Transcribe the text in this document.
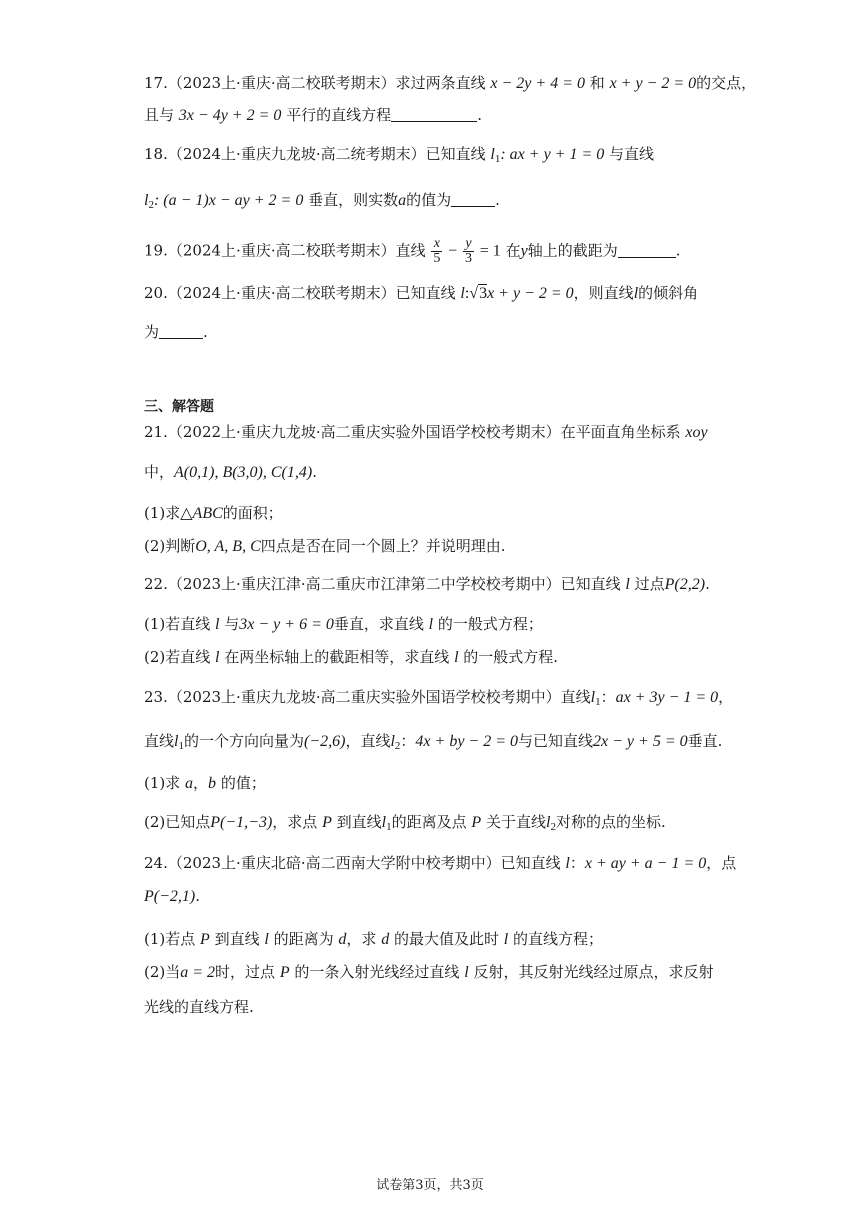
17.（2023上·重庆·高二校联考期末）求过两条直线 x − 2y + 4 = 0 和 x + y − 2 = 0的交点，
且与 3x − 4y + 2 = 0 平行的直线方程	.
18.（2024上·重庆九龙坡·高二统考期末）已知直线 $l_1$: ax + y + 1 = 0 与直线
$l_2$: (a − 1)x − ay + 2 = 0 垂直，则实数a的值为	.
19.（2024上·重庆·高二校联考期末）直线 $\frac{x}{5} - \frac{y}{3} = 1$ 在y轴上的截距为	.
20.（2024上·重庆·高二校联考期末）已知直线 l:√3x + y − 2 = 0，则直线l的倾斜角
为	.
三、解答题
21.（2022上·重庆九龙坡·高二重庆实验外国语学校校考期末）在平面直角坐标系 xoy
中，A(0,1), B(3,0), C(1,4).
(1)求△ABC的面积；
(2)判断O, A, B, C四点是否在同一个圆上？并说明理由.
22.（2023上·重庆江津·高二重庆市江津第二中学校校考期中）已知直线 l 过点P(2,2).
(1)若直线 l 与3x − y + 6 = 0垂直，求直线 l 的一般式方程；
(2)若直线 l 在两坐标轴上的截距相等，求直线 l 的一般式方程.
23.（2023上·重庆九龙坡·高二重庆实验外国语学校校考期中）直线$l_1$：ax + 3y − 1 = 0，
直线$l_1$的一个方向向量为(−2,6)，直线$l_2$：4x + by − 2 = 0与已知直线2x − y + 5 = 0垂直.
(1)求 a，b 的值；
(2)已知点P(−1,−3)，求点 P 到直线$l_1$的距离及点 P 关于直线$l_2$对称的点的坐标.
24.（2023上·重庆北碚·高二西南大学附中校考期中）已知直线 l：x + ay + a − 1 = 0，点
P(−2,1).
(1)若点 P 到直线 l 的距离为 d，求 d 的最大值及此时 l 的直线方程；
(2)当a = 2时，过点 P 的一条入射光线经过直线 l 反射，其反射光线经过原点，求反射
光线的直线方程.
试卷第3页，共3页
